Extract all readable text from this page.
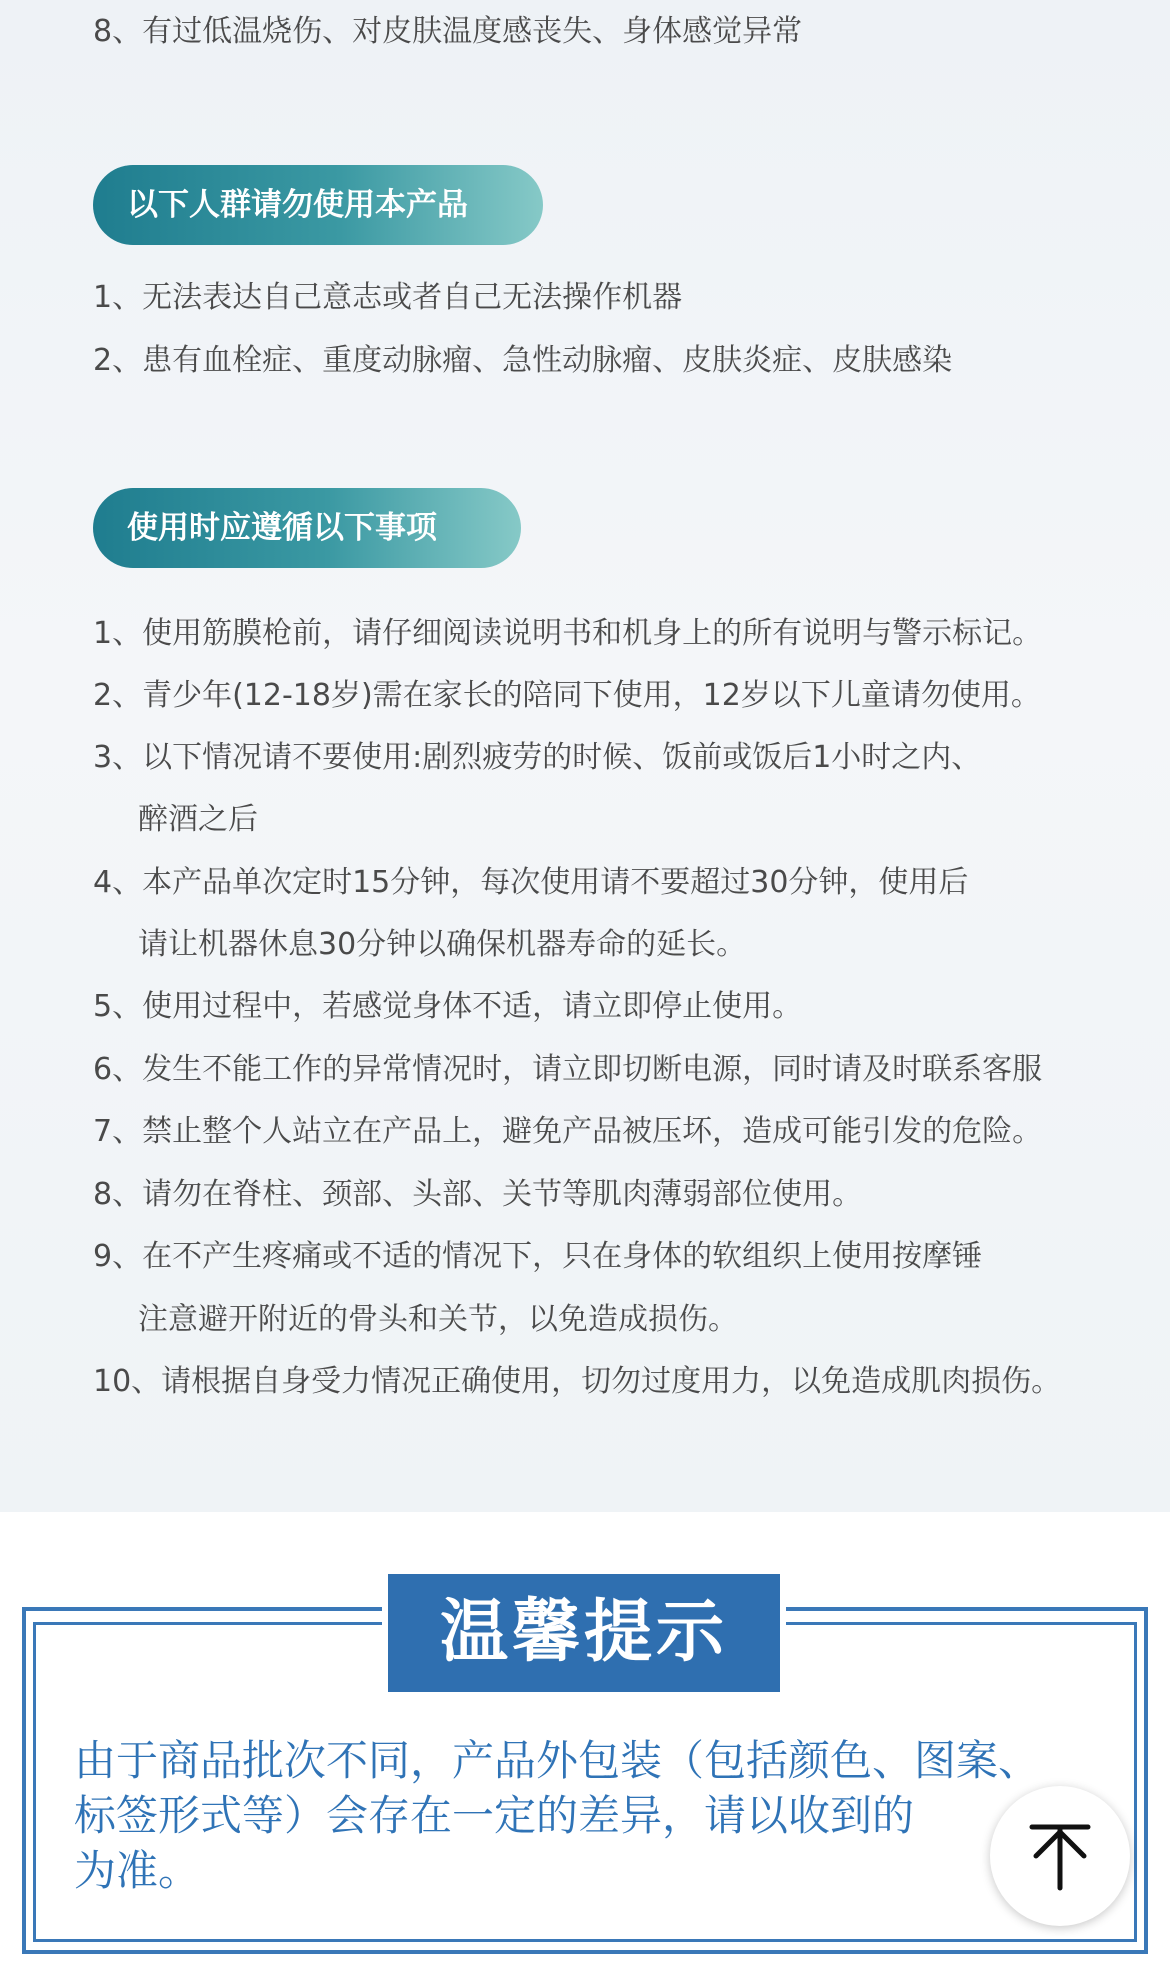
8、有过低温烧伤、对皮肤温度感丧失、身体感觉异常
以下人群请勿使用本产品
1、无法表达自己意志或者自己无法操作机器
2、患有血栓症、重度动脉瘤、急性动脉瘤、皮肤炎症、皮肤感染
使用时应遵循以下事项
1、使用筋膜枪前，请仔细阅读说明书和机身上的所有说明与警示标记。
2、青少年(12-18岁)需在家长的陪同下使用，12岁以下儿童请勿使用。
3、以下情况请不要使用:剧烈疲劳的时候、饭前或饭后1小时之内、
醉酒之后
4、本产品单次定时15分钟，每次使用请不要超过30分钟，使用后
请让机器休息30分钟以确保机器寿命的延长。
5、使用过程中，若感觉身体不适，请立即停止使用。
6、发生不能工作的异常情况时，请立即切断电源，同时请及时联系客服
7、禁止整个人站立在产品上，避免产品被压坏，造成可能引发的危险。
8、请勿在脊柱、颈部、头部、关节等肌肉薄弱部位使用。
9、在不产生疼痛或不适的情况下，只在身体的软组织上使用按摩锤
注意避开附近的骨头和关节，以免造成损伤。
10、请根据自身受力情况正确使用，切勿过度用力，以免造成肌肉损伤。
温馨提示
由于商品批次不同，产品外包装（包括颜色、图案、
标签形式等）会存在一定的差异，请以收到的
为准。
